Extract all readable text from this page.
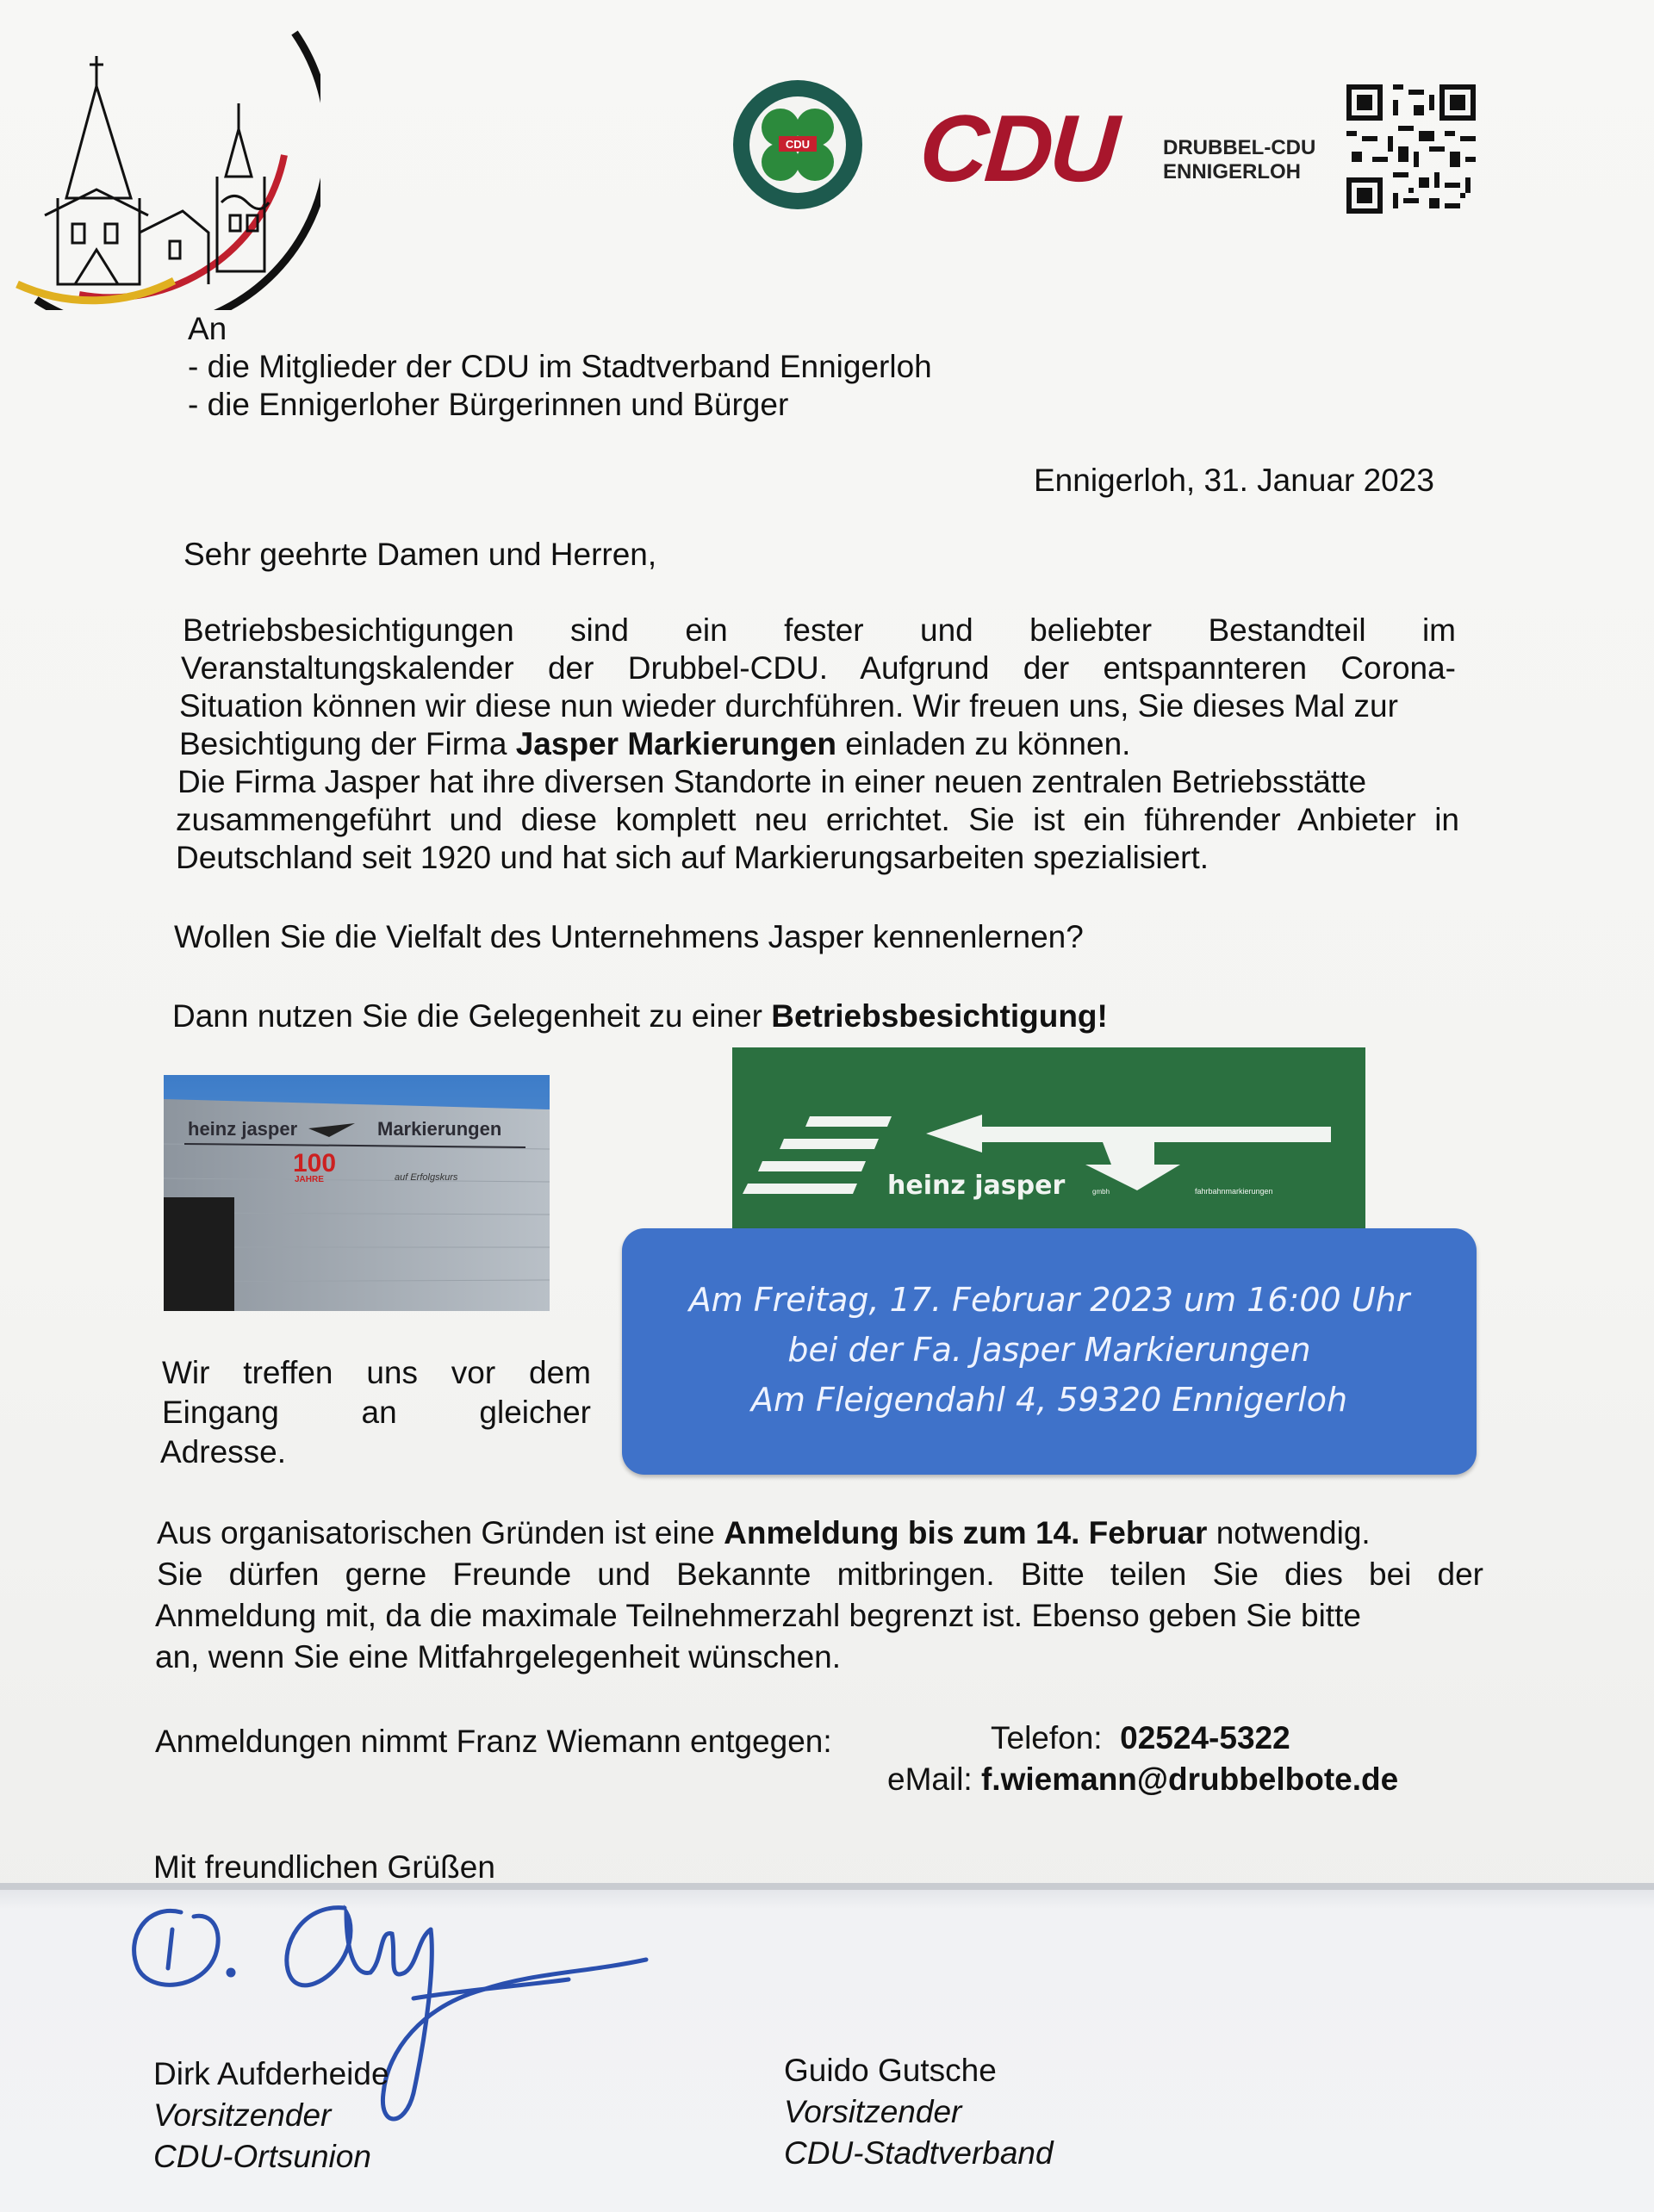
CDU CDU DRUBBEL-CDU
ENNIGERLOH
An
- die Mitglieder der CDU im Stadtverband Ennigerloh
- die Ennigerloher Bürgerinnen und Bürger
Ennigerloh, 31. Januar 2023
Sehr geehrte Damen und Herren,
Betriebsbesichtigungen sind ein fester und beliebter Bestandteil im
Veranstaltungskalender der Drubbel-CDU. Aufgrund der entspannteren Corona-
Situation können wir diese nun wieder durchführen. Wir freuen uns, Sie dieses Mal zur
Besichtigung der Firma Jasper Markierungen einladen zu können.
Die Firma Jasper hat ihre diversen Standorte in einer neuen zentralen Betriebsstätte
zusammengeführt und diese komplett neu errichtet. Sie ist ein führender Anbieter in
Deutschland seit 1920 und hat sich auf Markierungsarbeiten spezialisiert.
Wollen Sie die Vielfalt des Unternehmens Jasper kennenlernen?
Dann nutzen Sie die Gelegenheit zu einer Betriebsbesichtigung!
heinz jasper	Markierungen
100
JAHRE	auf Erfolgskurs	heinz jasper	gmbh	fahrbahnmarkierungen
Am Freitag, 17. Februar 2023 um 16:00 Uhr
bei der Fa. Jasper Markierungen
Am Fleigendahl 4, 59320 Ennigerloh
Wir treffen uns vor dem
Eingang an gleicher
Adresse.
Aus organisatorischen Gründen ist eine Anmeldung bis zum 14. Februar notwendig.
Sie dürfen gerne Freunde und Bekannte mitbringen. Bitte teilen Sie dies bei der
Anmeldung mit, da die maximale Teilnehmerzahl begrenzt ist. Ebenso geben Sie bitte
an, wenn Sie eine Mitfahrgelegenheit wünschen.
Anmeldungen nimmt Franz Wiemann entgegen:	Telefon: 02524-5322
eMail: f.wiemann@drubbelbote.de
Mit freundlichen Grüßen
Dirk Aufderheide
Vorsitzender
CDU-Ortsunion
Guido Gutsche
Vorsitzender
CDU-Stadtverband
